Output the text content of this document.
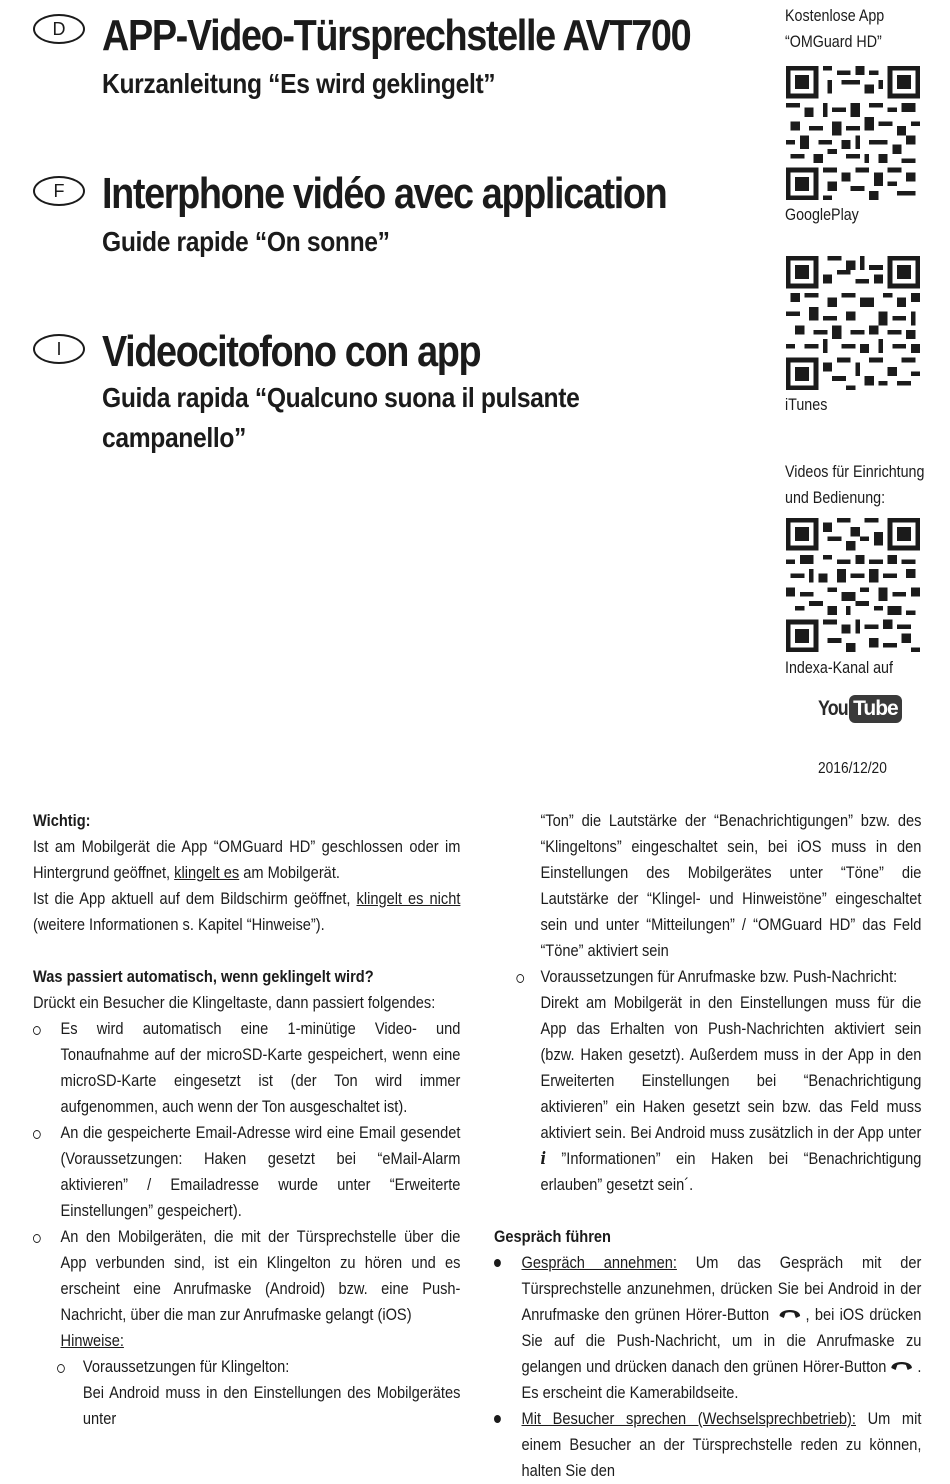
D APP-Video-Türsprechstelle AVT700
Kurzanleitung “Es wird geklingelt”
F Interphone vidéo avec application
Guide rapide “On sonne”
I Videocitofono con app
Guida rapida “Qualcuno suona il pulsante
campanello”
Kostenlose App
“OMGuard HD”
GooglePlay
iTunes
Videos für Einrichtung
und Bedienung:
Indexa-Kanal auf
You Tube
2016/12/20

Wichtig:

Ist am Mobilgerät die App “OMGuard HD” geschlossen oder im Hintergrund geöffnet, klingelt es am Mobilgerät.

Ist die App aktuell auf dem Bildschirm geöffnet, klingelt es nicht (weitere Informationen s. Kapitel “Hinweise”).

Was passiert automatisch, wenn geklingelt wird?

Drückt ein Besucher die Klingeltaste, dann passiert folgendes:

Es wird automatisch eine 1-minütige Video- und Tonaufnahme auf der microSD-Karte gespeichert, wenn eine microSD-Karte eingesetzt ist (der Ton wird immer aufgenommen, auch wenn der Ton ausgeschaltet ist).
An die gespeicherte Email-Adresse wird eine Email gesendet (Voraussetzungen: Haken gesetzt bei “eMail-Alarm aktivieren” / Emailadresse wurde unter “Erweiterte Einstellungen” gespeichert).
An den Mobilgeräten, die mit der Türsprechstelle über die App verbunden sind, ist ein Klingelton zu hören und es erscheint eine Anrufmaske (Android) bzw. eine Push-Nachricht, über die man zur Anrufmaske gelangt (iOS)
Hinweise:
Voraussetzungen für Klingelton:

Bei Android muss in den Einstellungen des Mobilgerätes unter

“Ton” die Lautstärke der “Benachrichtigungen” bzw. des “Klingeltons” eingeschaltet sein, bei iOS muss in den Einstellungen des Mobilgerätes unter “Töne” die Lautstärke der “Klingel- und Hinweistöne” eingeschaltet sein und unter “Mitteilungen” / “OMGuard HD” das Feld “Töne” aktiviert sein

Voraussetzungen für Anrufmaske bzw. Push-Nachricht:

Direkt am Mobilgerät in den Einstellungen muss für die App das Erhalten von Push-Nachrichten aktiviert sein (bzw. Haken gesetzt). Außerdem muss in der App in den Erweiterten Einstellungen bei “Benachrichtigung aktivieren” ein Haken gesetzt sein bzw. das Feld muss aktiviert sein. Bei Android muss zusätzlich in der App unter i ”Informationen” ein Haken bei “Benachrichtigung erlauben” gesetzt sein´.

Gespräch führen

Gespräch annehmen: Um das Gespräch mit der Türsprechstelle anzunehmen, drücken Sie bei Android in der Anrufmaske den grünen Hörer-Button , bei iOS drücken Sie auf die Push-Nachricht, um in die Anrufmaske zu gelangen und drücken danach den grünen Hörer-Button . Es erscheint die Kamerabildseite.
Mit Besucher sprechen (Wechselsprechbetrieb): Um mit einem Besucher an der Türsprechstelle reden zu können, halten Sie den
